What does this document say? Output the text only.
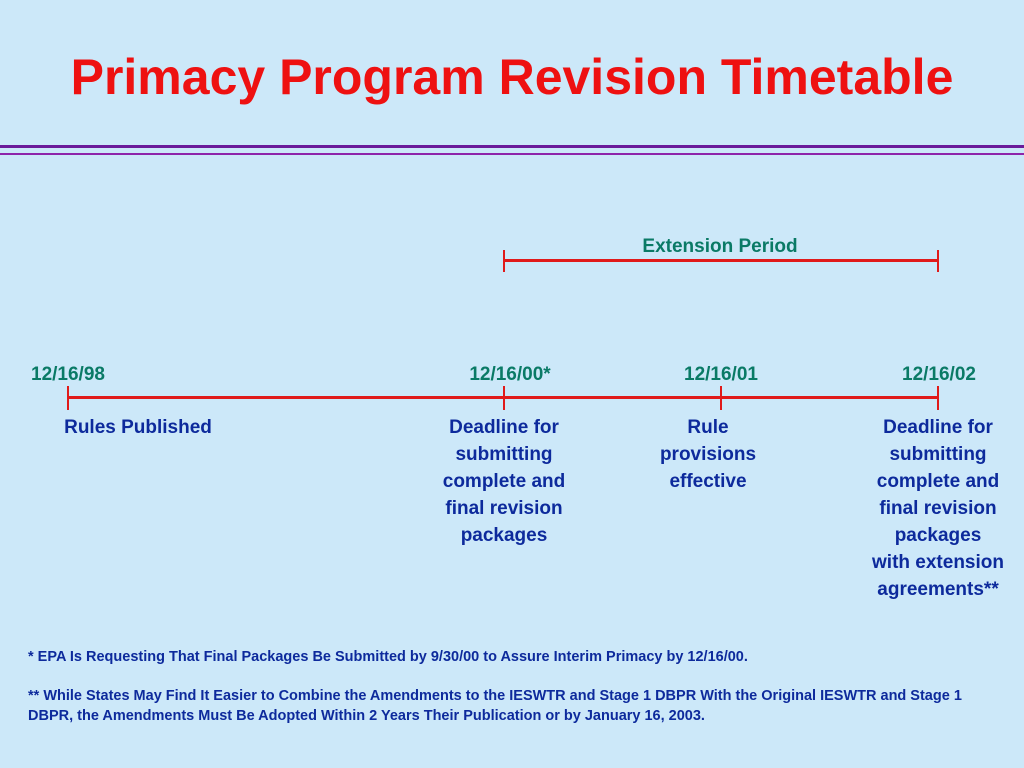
Primacy Program Revision Timetable
Extension Period
12/16/98	12/16/00*	12/16/01	12/16/02
Rules Published	Deadline for
submitting
complete and
final revision
packages
Rule
provisions
effective
Deadline for
submitting
complete and
final revision
packages
with extension
agreements**
* EPA Is Requesting That Final Packages Be Submitted by 9/30/00 to Assure Interim Primacy by 12/16/00.
** While States May Find It Easier to Combine the Amendments to the IESWTR and Stage 1 DBPR With the Original IESWTR and Stage 1 DBPR, the Amendments Must Be Adopted Within 2 Years Their Publication or by January 16, 2003.
